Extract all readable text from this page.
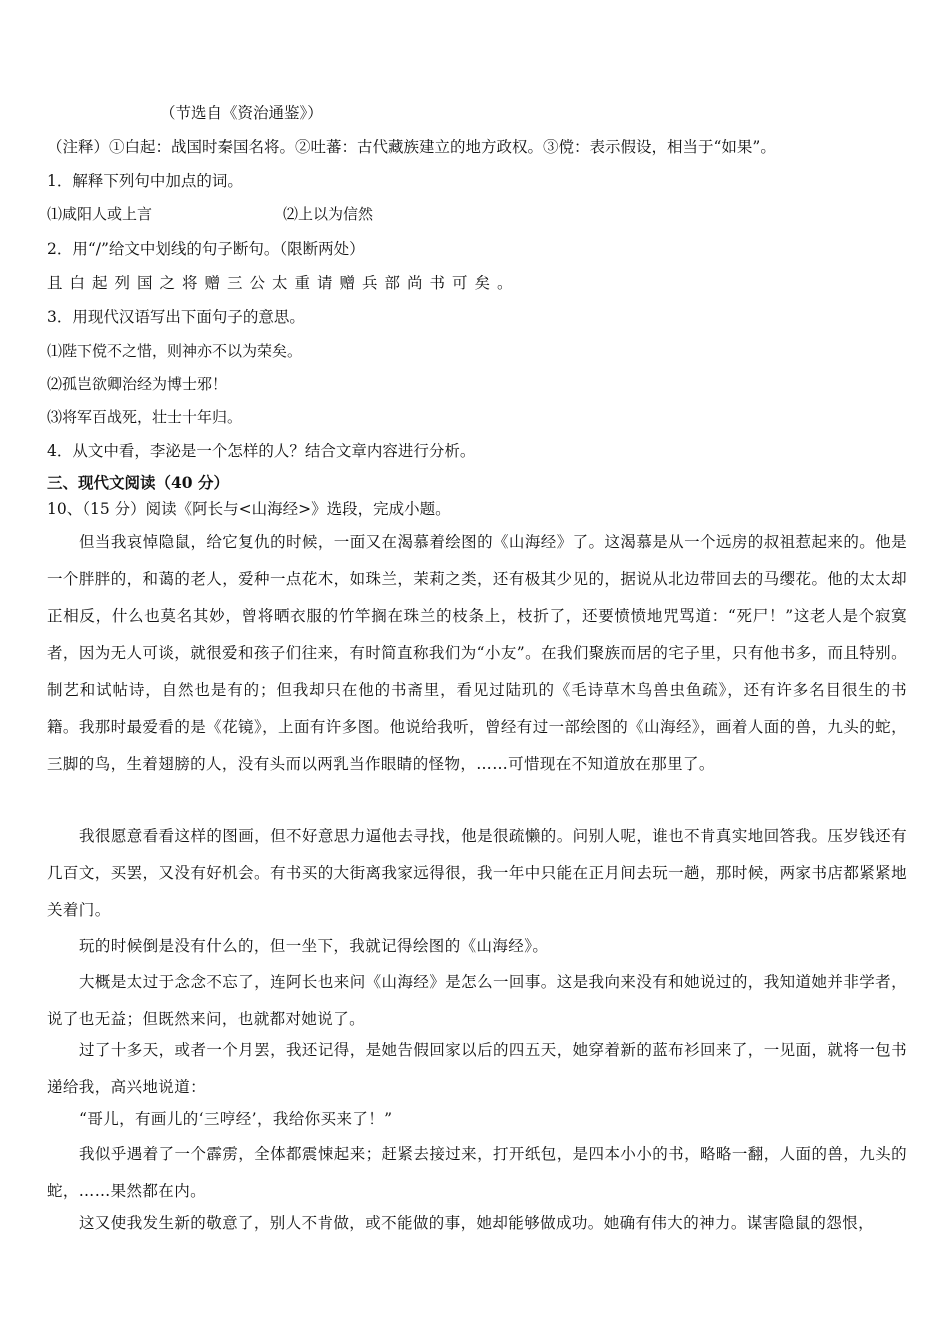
（节选自《资治通鉴》）
（注释）①白起：战国时秦国名将。②吐蕃：古代藏族建立的地方政权。③傥：表示假设，相当于“如果”。
1．解释下列句中加点的词。
⑴咸阳人或上言	⑵上以为信然
2．用“/”给文中划线的句子断句。（限断两处）
且白起列国之将赠三公太重请赠兵部尚书可矣。
3．用现代汉语写出下面句子的意思。
⑴陛下傥不之惜，则神亦不以为荣矣。
⑵孤岂欲卿治经为博士邪！
⑶将军百战死，壮士十年归。
4．从文中看，李泌是一个怎样的人？结合文章内容进行分析。
三、现代文阅读（40 分）
10、（15 分）阅读《阿长与<山海经>》选段，完成小题。
但当我哀悼隐鼠，给它复仇的时候，一面又在渴慕着绘图的《山海经》了。这渴慕是从一个远房的叔祖惹起来的。他是一个胖胖的，和蔼的老人，爱种一点花木，如珠兰，茉莉之类，还有极其少见的，据说从北边带回去的马缨花。他的太太却正相反，什么也莫名其妙，曾将晒衣服的竹竿搁在珠兰的枝条上，枝折了，还要愤愤地咒骂道：“死尸！”这老人是个寂寞者，因为无人可谈，就很爱和孩子们往来，有时简直称我们为“小友”。在我们聚族而居的宅子里，只有他书多，而且特别。制艺和试帖诗，自然也是有的；但我却只在他的书斋里，看见过陆玑的《毛诗草木鸟兽虫鱼疏》，还有许多名目很生的书籍。我那时最爱看的是《花镜》，上面有许多图。他说给我听，曾经有过一部绘图的《山海经》，画着人面的兽，九头的蛇，三脚的鸟，生着翅膀的人，没有头而以两乳当作眼睛的怪物，……可惜现在不知道放在那里了。
我很愿意看看这样的图画，但不好意思力逼他去寻找，他是很疏懒的。问别人呢，谁也不肯真实地回答我。压岁钱还有几百文，买罢，又没有好机会。有书买的大街离我家远得很，我一年中只能在正月间去玩一趟，那时候，两家书店都紧紧地关着门。
玩的时候倒是没有什么的，但一坐下，我就记得绘图的《山海经》。
大概是太过于念念不忘了，连阿长也来问《山海经》是怎么一回事。这是我向来没有和她说过的，我知道她并非学者，说了也无益；但既然来问，也就都对她说了。
过了十多天，或者一个月罢，我还记得，是她告假回家以后的四五天，她穿着新的蓝布衫回来了，一见面，就将一包书递给我，高兴地说道：
“哥儿，有画儿的‘三哼经’，我给你买来了！”
我似乎遇着了一个霹雳，全体都震悚起来；赶紧去接过来，打开纸包，是四本小小的书，略略一翻，人面的兽，九头的蛇，……果然都在内。
这又使我发生新的敬意了，别人不肯做，或不能做的事，她却能够做成功。她确有伟大的神力。谋害隐鼠的怨恨，
